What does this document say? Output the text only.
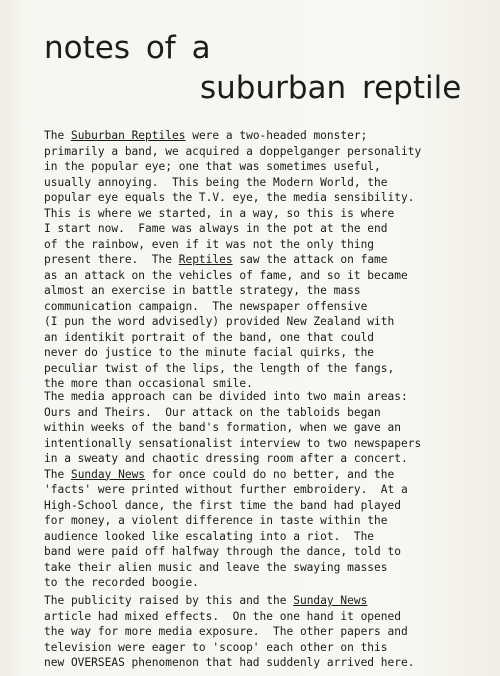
notes of a
suburban reptile
The Suburban Reptiles were a two-headed monster;
primarily a band, we acquired a doppelganger personality
in the popular eye; one that was sometimes useful,
usually annoying.  This being the Modern World, the
popular eye equals the T.V. eye, the media sensibility.
This is where we started, in a way, so this is where
I start now.  Fame was always in the pot at the end
of the rainbow, even if it was not the only thing
present there.  The Reptiles saw the attack on fame
as an attack on the vehicles of fame, and so it became
almost an exercise in battle strategy, the mass
communication campaign.  The newspaper offensive
(I pun the word advisedly) provided New Zealand with
an identikit portrait of the band, one that could
never do justice to the minute facial quirks, the
peculiar twist of the lips, the length of the fangs,
the more than occasional smile.
The media approach can be divided into two main areas:
Ours and Theirs.  Our attack on the tabloids began
within weeks of the band's formation, when we gave an
intentionally sensationalist interview to two newspapers
in a sweaty and chaotic dressing room after a concert.
The Sunday News for once could do no better, and the
'facts' were printed without further embroidery.  At a
High-School dance, the first time the band had played
for money, a violent difference in taste within the
audience looked like escalating into a riot.  The
band were paid off halfway through the dance, told to
take their alien music and leave the swaying masses
to the recorded boogie.
The publicity raised by this and the Sunday News
article had mixed effects.  On the one hand it opened
the way for more media exposure.  The other papers and
television were eager to 'scoop' each other on this
new OVERSEAS phenomenon that had suddenly arrived here.
